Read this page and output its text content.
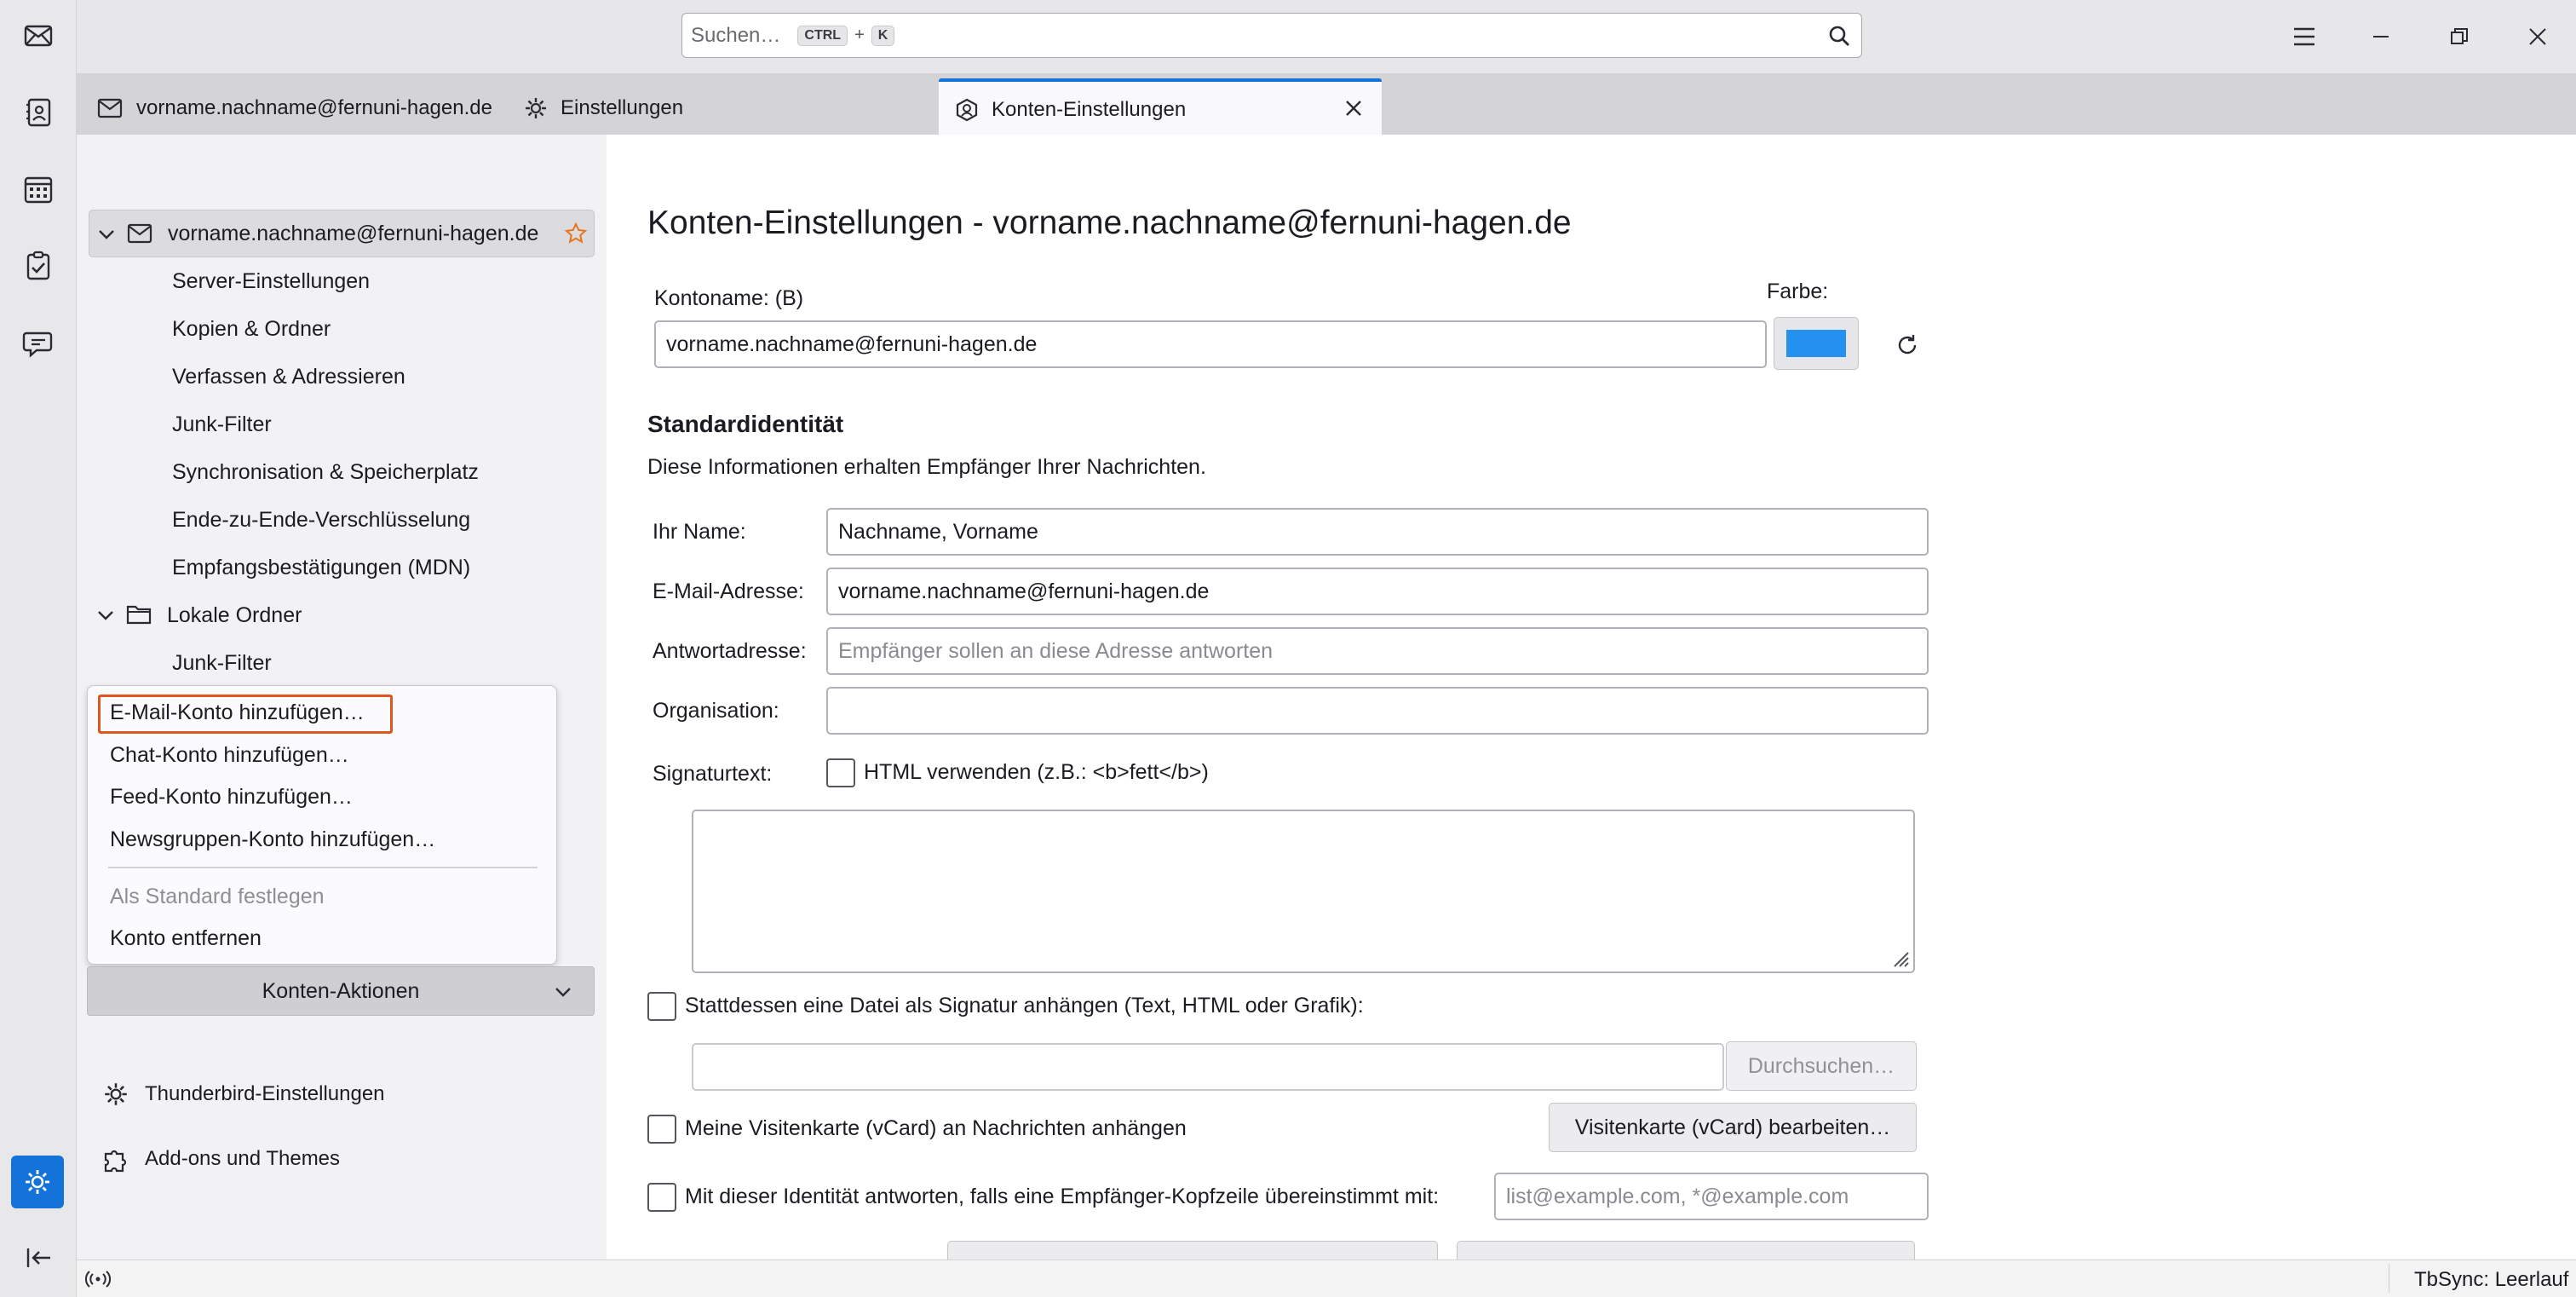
Suchen…	CTRL +	K
vorname.nachname@fernuni-hagen.de	Einstellungen	Konten-Einstellungen
vorname.nachname@fernuni-hagen.de
Server-Einstellungen
Kopien & Ordner
Verfassen & Adressieren
Junk-Filter
Synchronisation & Speicherplatz
Ende-zu-Ende-Verschlüsselung
Empfangsbestätigungen (MDN)
Lokale Ordner
Junk-Filter
Thunderbird-Einstellungen
Add-ons und Themes
E-Mail-Konto hinzufügen…
Chat-Konto hinzufügen…
Feed-Konto hinzufügen…
Newsgruppen-Konto hinzufügen…
Als Standard festlegen
Konto entfernen
Konten-Aktionen
Konten-Einstellungen - vorname.nachname@fernuni-hagen.de
Kontoname: (B)
vorname.nachname@fernuni-hagen.de
Farbe:
Standardidentität
Diese Informationen erhalten Empfänger Ihrer Nachrichten.
Ihr Name:	Nachname, Vorname
E-Mail-Adresse: vorname.nachname@fernuni-hagen.de
Antwortadresse: Empfänger sollen an diese Adresse antworten
Organisation:
Signaturtext:	HTML verwenden (z.B.: <b>fett</b>)
Stattdessen eine Datei als Signatur anhängen (Text, HTML oder Grafik):
Durchsuchen…
Meine Visitenkarte (vCard) an Nachrichten anhängen	Visitenkarte (vCard) bearbeiten…
Mit dieser Identität antworten, falls eine Empfänger-Kopfzeile übereinstimmt mit:	list@example.com, *@example.com
TbSync: Leerlauf
